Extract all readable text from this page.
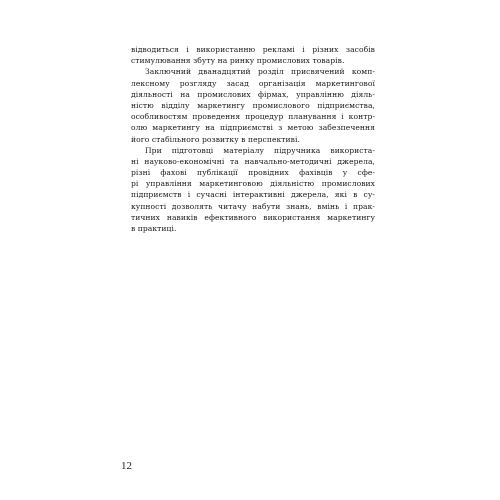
відводиться і використанню рекламі і різних засобів
стимулювання збуту на ринку промислових товарів.
Заключний дванадцятий розділ присвячений комп-
лексному розгляду засад організація маркетингової
діяльності на промислових фірмах, управлінню діяль-
ністю відділу маркетингу промислового підприємства,
особливостям проведення процедур планування і контр-
олю маркетингу на підприємстві з метою забезпечення
його стабільного розвитку в перспективі.
При підготовці матеріалу підручника використа-
ні науково-економічні та навчально-методичні джерела,
різні фахові публікації провідних фахівців у сфе-
рі управління маркетинговою діяльністю промислових
підприємств і сучасні інтерактивні джерела, які в су-
купності дозволять читачу набути знань, вмінь і прак-
тичних навиків ефективного використання маркетингу
в практиці.
12
